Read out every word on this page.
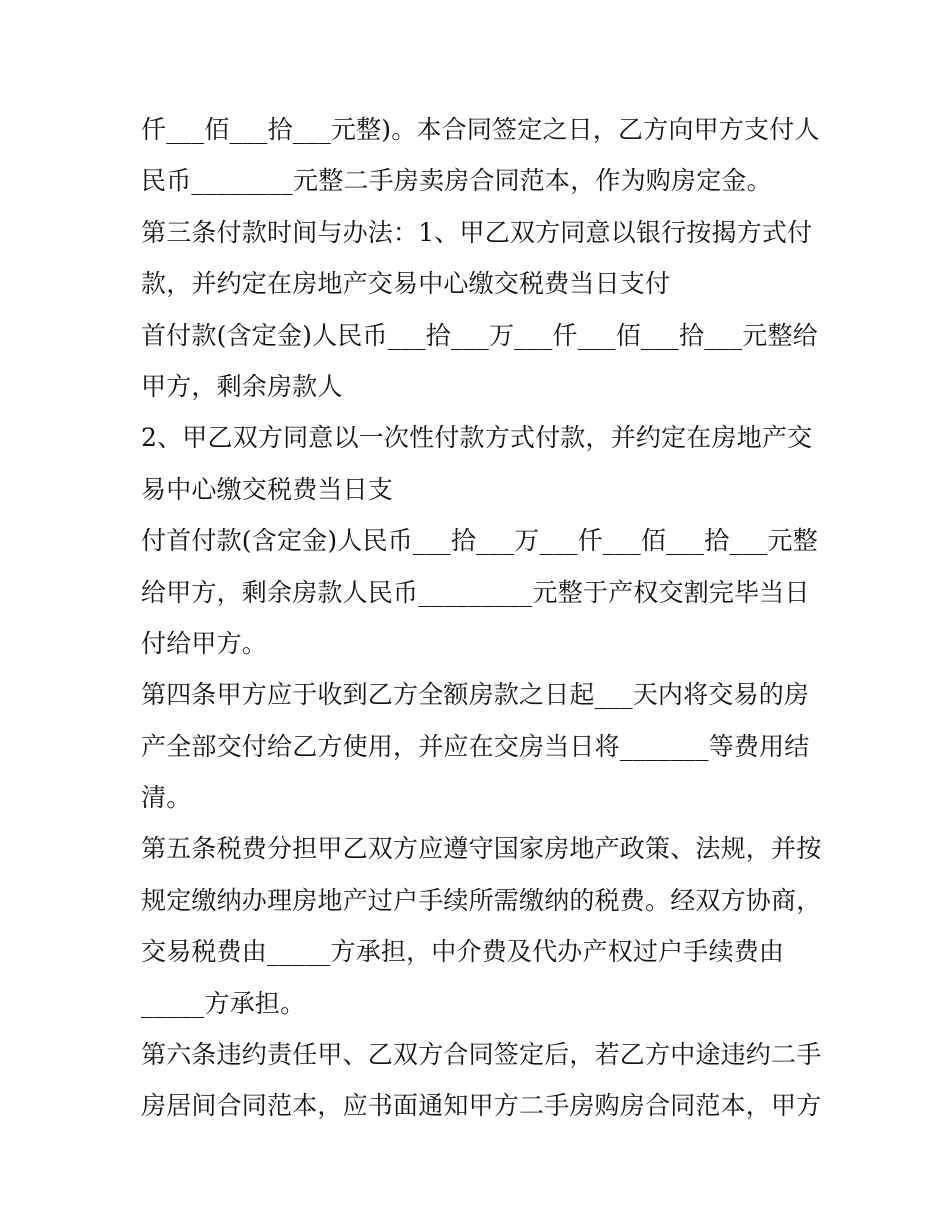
仟___佰___拾___元整)。本合同签定之日，乙方向甲方支付人
民币________元整二手房卖房合同范本，作为购房定金。
第三条付款时间与办法：1、甲乙双方同意以银行按揭方式付
款，并约定在房地产交易中心缴交税费当日支付
首付款(含定金)人民币___拾___万___仟___佰___拾___元整给
甲方，剩余房款人
2、甲乙双方同意以一次性付款方式付款，并约定在房地产交
易中心缴交税费当日支
付首付款(含定金)人民币___拾___万___仟___佰___拾___元整
给甲方，剩余房款人民币_________元整于产权交割完毕当日
付给甲方。
第四条甲方应于收到乙方全额房款之日起___天内将交易的房
产全部交付给乙方使用，并应在交房当日将_______等费用结
清。
第五条税费分担甲乙双方应遵守国家房地产政策、法规，并按
规定缴纳办理房地产过户手续所需缴纳的税费。经双方协商，
交易税费由_____方承担，中介费及代办产权过户手续费由
_____方承担。
第六条违约责任甲、乙双方合同签定后，若乙方中途违约二手
房居间合同范本，应书面通知甲方二手房购房合同范本，甲方
